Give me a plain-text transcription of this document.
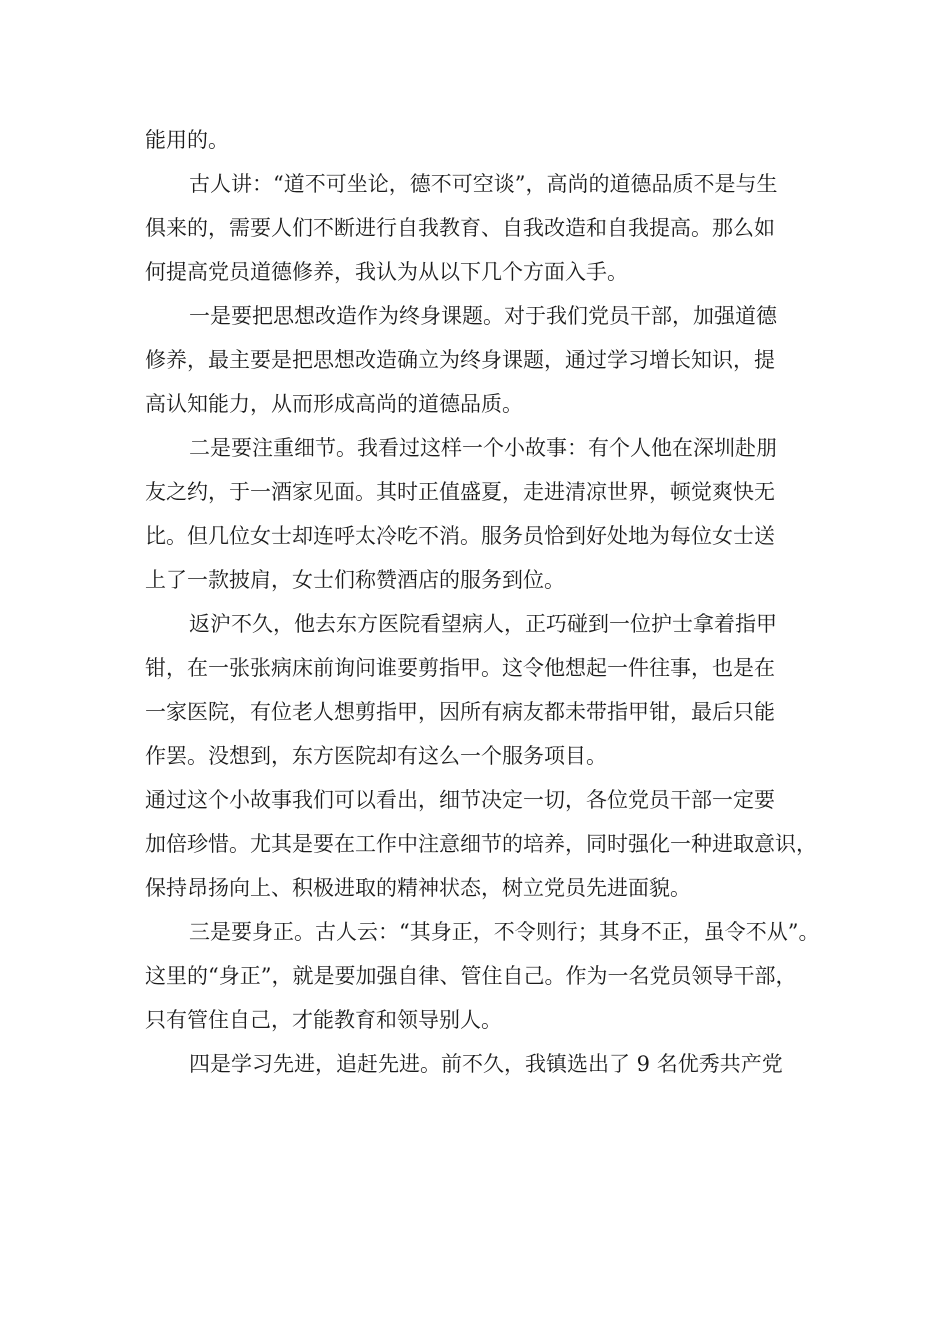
能用的。

古人讲：“道不可坐论，德不可空谈”，高尚的道德品质不是与生

俱来的，需要人们不断进行自我教育、自我改造和自我提高。那么如

何提高党员道德修养，我认为从以下几个方面入手。

一是要把思想改造作为终身课题。对于我们党员干部，加强道德

修养，最主要是把思想改造确立为终身课题，通过学习增长知识，提

高认知能力，从而形成高尚的道德品质。

二是要注重细节。我看过这样一个小故事：有个人他在深圳赴朋

友之约，于一酒家见面。其时正值盛夏，走进清凉世界，顿觉爽快无

比。但几位女士却连呼太冷吃不消。服务员恰到好处地为每位女士送

上了一款披肩，女士们称赞酒店的服务到位。

返沪不久，他去东方医院看望病人，正巧碰到一位护士拿着指甲

钳，在一张张病床前询问谁要剪指甲。这令他想起一件往事，也是在

一家医院，有位老人想剪指甲，因所有病友都未带指甲钳，最后只能

作罢。没想到，东方医院却有这么一个服务项目。

通过这个小故事我们可以看出，细节决定一切，各位党员干部一定要

加倍珍惜。尤其是要在工作中注意细节的培养，同时强化一种进取意识，

保持昂扬向上、积极进取的精神状态，树立党员先进面貌。

三是要身正。古人云：“其身正，不令则行；其身不正，虽令不从”。

这里的“身正”，就是要加强自律、管住自己。作为一名党员领导干部，

只有管住自己，才能教育和领导别人。

四是学习先进，追赶先进。前不久，我镇选出了 9 名优秀共产党
